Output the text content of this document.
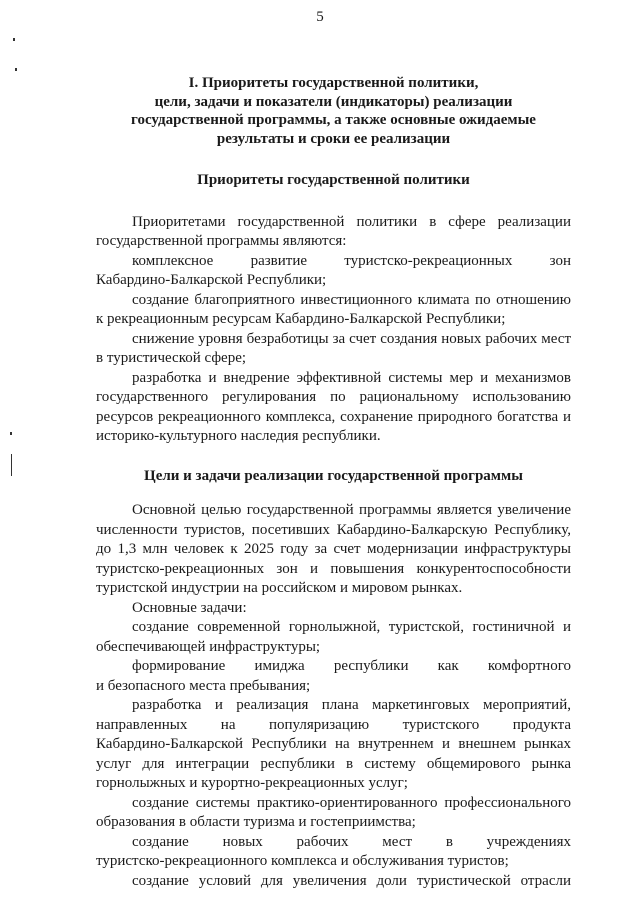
5
I. Приоритеты государственной политики,
цели, задачи и показатели (индикаторы) реализации
государственной программы, а также основные ожидаемые
результаты и сроки ее реализации
Приоритеты государственной политики

Приоритетами государственной политики в сфере реализации государственной программы являются:

комплексное развитие туристско-рекреационных зон

Кабардино-Балкарской Республики;

создание благоприятного инвестиционного климата по отношению к рекреационным ресурсам Кабардино-Балкарской Республики;

снижение уровня безработицы за счет создания новых рабочих мест в туристической сфере;

разработка и внедрение эффективной системы мер и механизмов государственного регулирования по рациональному использованию ресурсов рекреационного комплекса, сохранение природного богатства и историко-культурного наследия республики.

Цели и задачи реализации государственной программы

Основной целью государственной программы является увеличение численности туристов, посетивших Кабардино-Балкарскую Республику, до 1,3 млн человек к 2025 году за счет модернизации инфраструктуры туристско-рекреационных зон и повышения конкурентоспособности туристской индустрии на российском и мировом рынках.

Основные задачи:

создание современной горнолыжной, туристской, гостиничной и обеспечивающей инфраструктуры;

формирование имиджа республики как комфортного

и безопасного места пребывания;

разработка и реализация плана маркетинговых мероприятий,

направленных на популяризацию туристского продукта

Кабардино-Балкарской Республики на внутреннем и внешнем рынках услуг для интеграции республики в систему общемирового рынка горнолыжных и курортно-рекреационных услуг;

создание системы практико-ориентированного профессионального образования в области туризма и гостеприимства;

создание новых рабочих мест в учреждениях

туристско-рекреационного комплекса и обслуживания туристов;

создание условий для увеличения доли туристической отрасли
